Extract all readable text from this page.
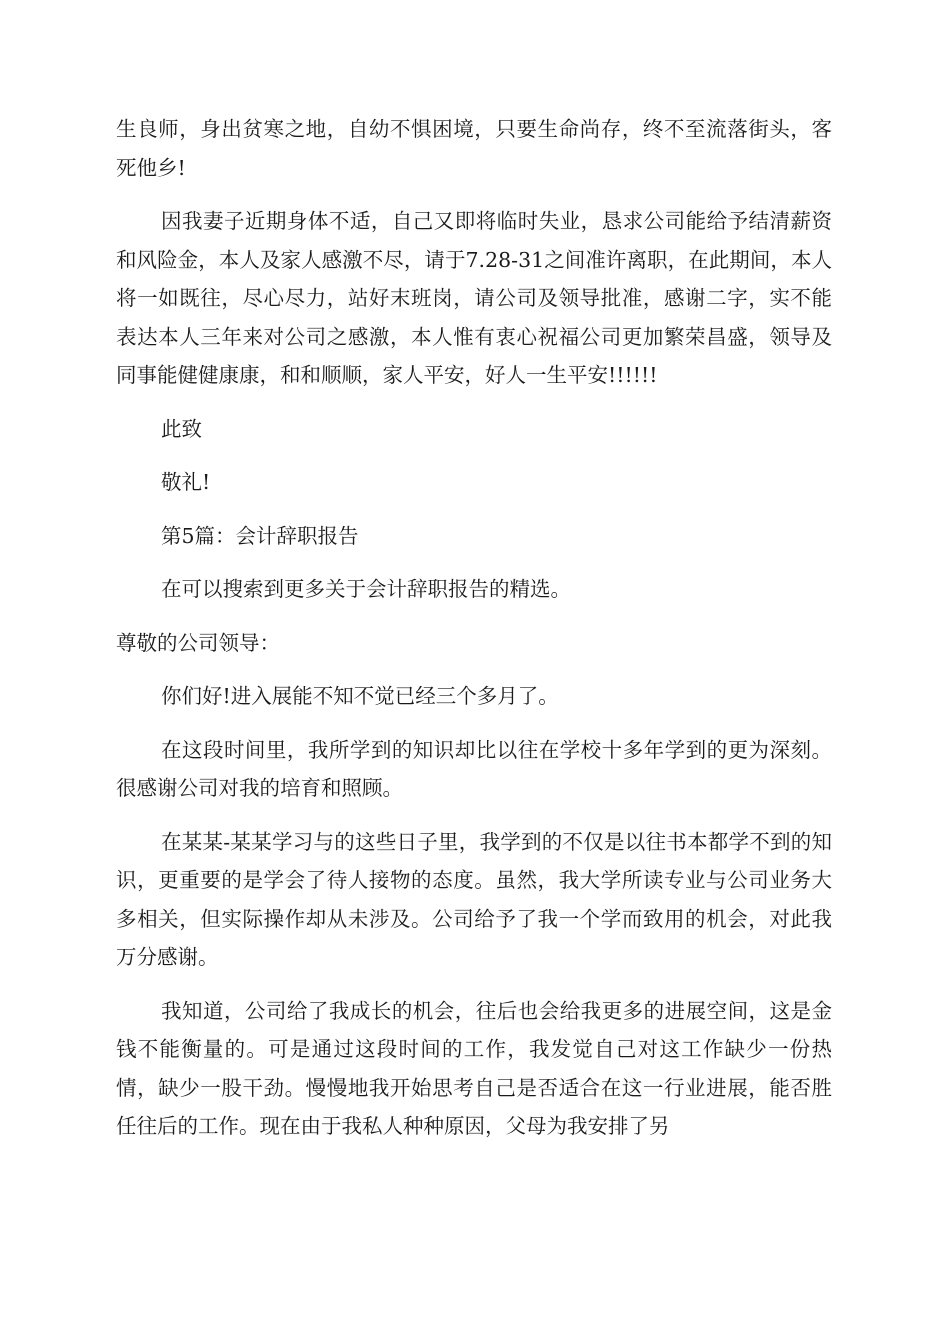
生良师，身出贫寒之地，自幼不惧困境，只要生命尚存，终不至流落街头，客死他乡!

因我妻子近期身体不适，自己又即将临时失业，恳求公司能给予结清薪资和风险金，本人及家人感激不尽，请于7.28-31之间准许离职，在此期间，本人将一如既往，尽心尽力，站好末班岗，请公司及领导批准，感谢二字，实不能表达本人三年来对公司之感激，本人惟有衷心祝福公司更加繁荣昌盛，领导及同事能健健康康，和和顺顺，家人平安，好人一生平安!!!!!!

此致

敬礼!

第5篇：会计辞职报告

在可以搜索到更多关于会计辞职报告的精选。

尊敬的公司领导：

你们好!进入展能不知不觉已经三个多月了。

在这段时间里，我所学到的知识却比以往在学校十多年学到的更为深刻。很感谢公司对我的培育和照顾。

在某某-某某学习与的这些日子里，我学到的不仅是以往书本都学不到的知识，更重要的是学会了待人接物的态度。虽然，我大学所读专业与公司业务大多相关，但实际操作却从未涉及。公司给予了我一个学而致用的机会，对此我万分感谢。

我知道，公司给了我成长的机会，往后也会给我更多的进展空间，这是金钱不能衡量的。可是通过这段时间的工作，我发觉自己对这工作缺少一份热情，缺少一股干劲。慢慢地我开始思考自己是否适合在这一行业进展，能否胜任往后的工作。现在由于我私人种种原因，父母为我安排了另
